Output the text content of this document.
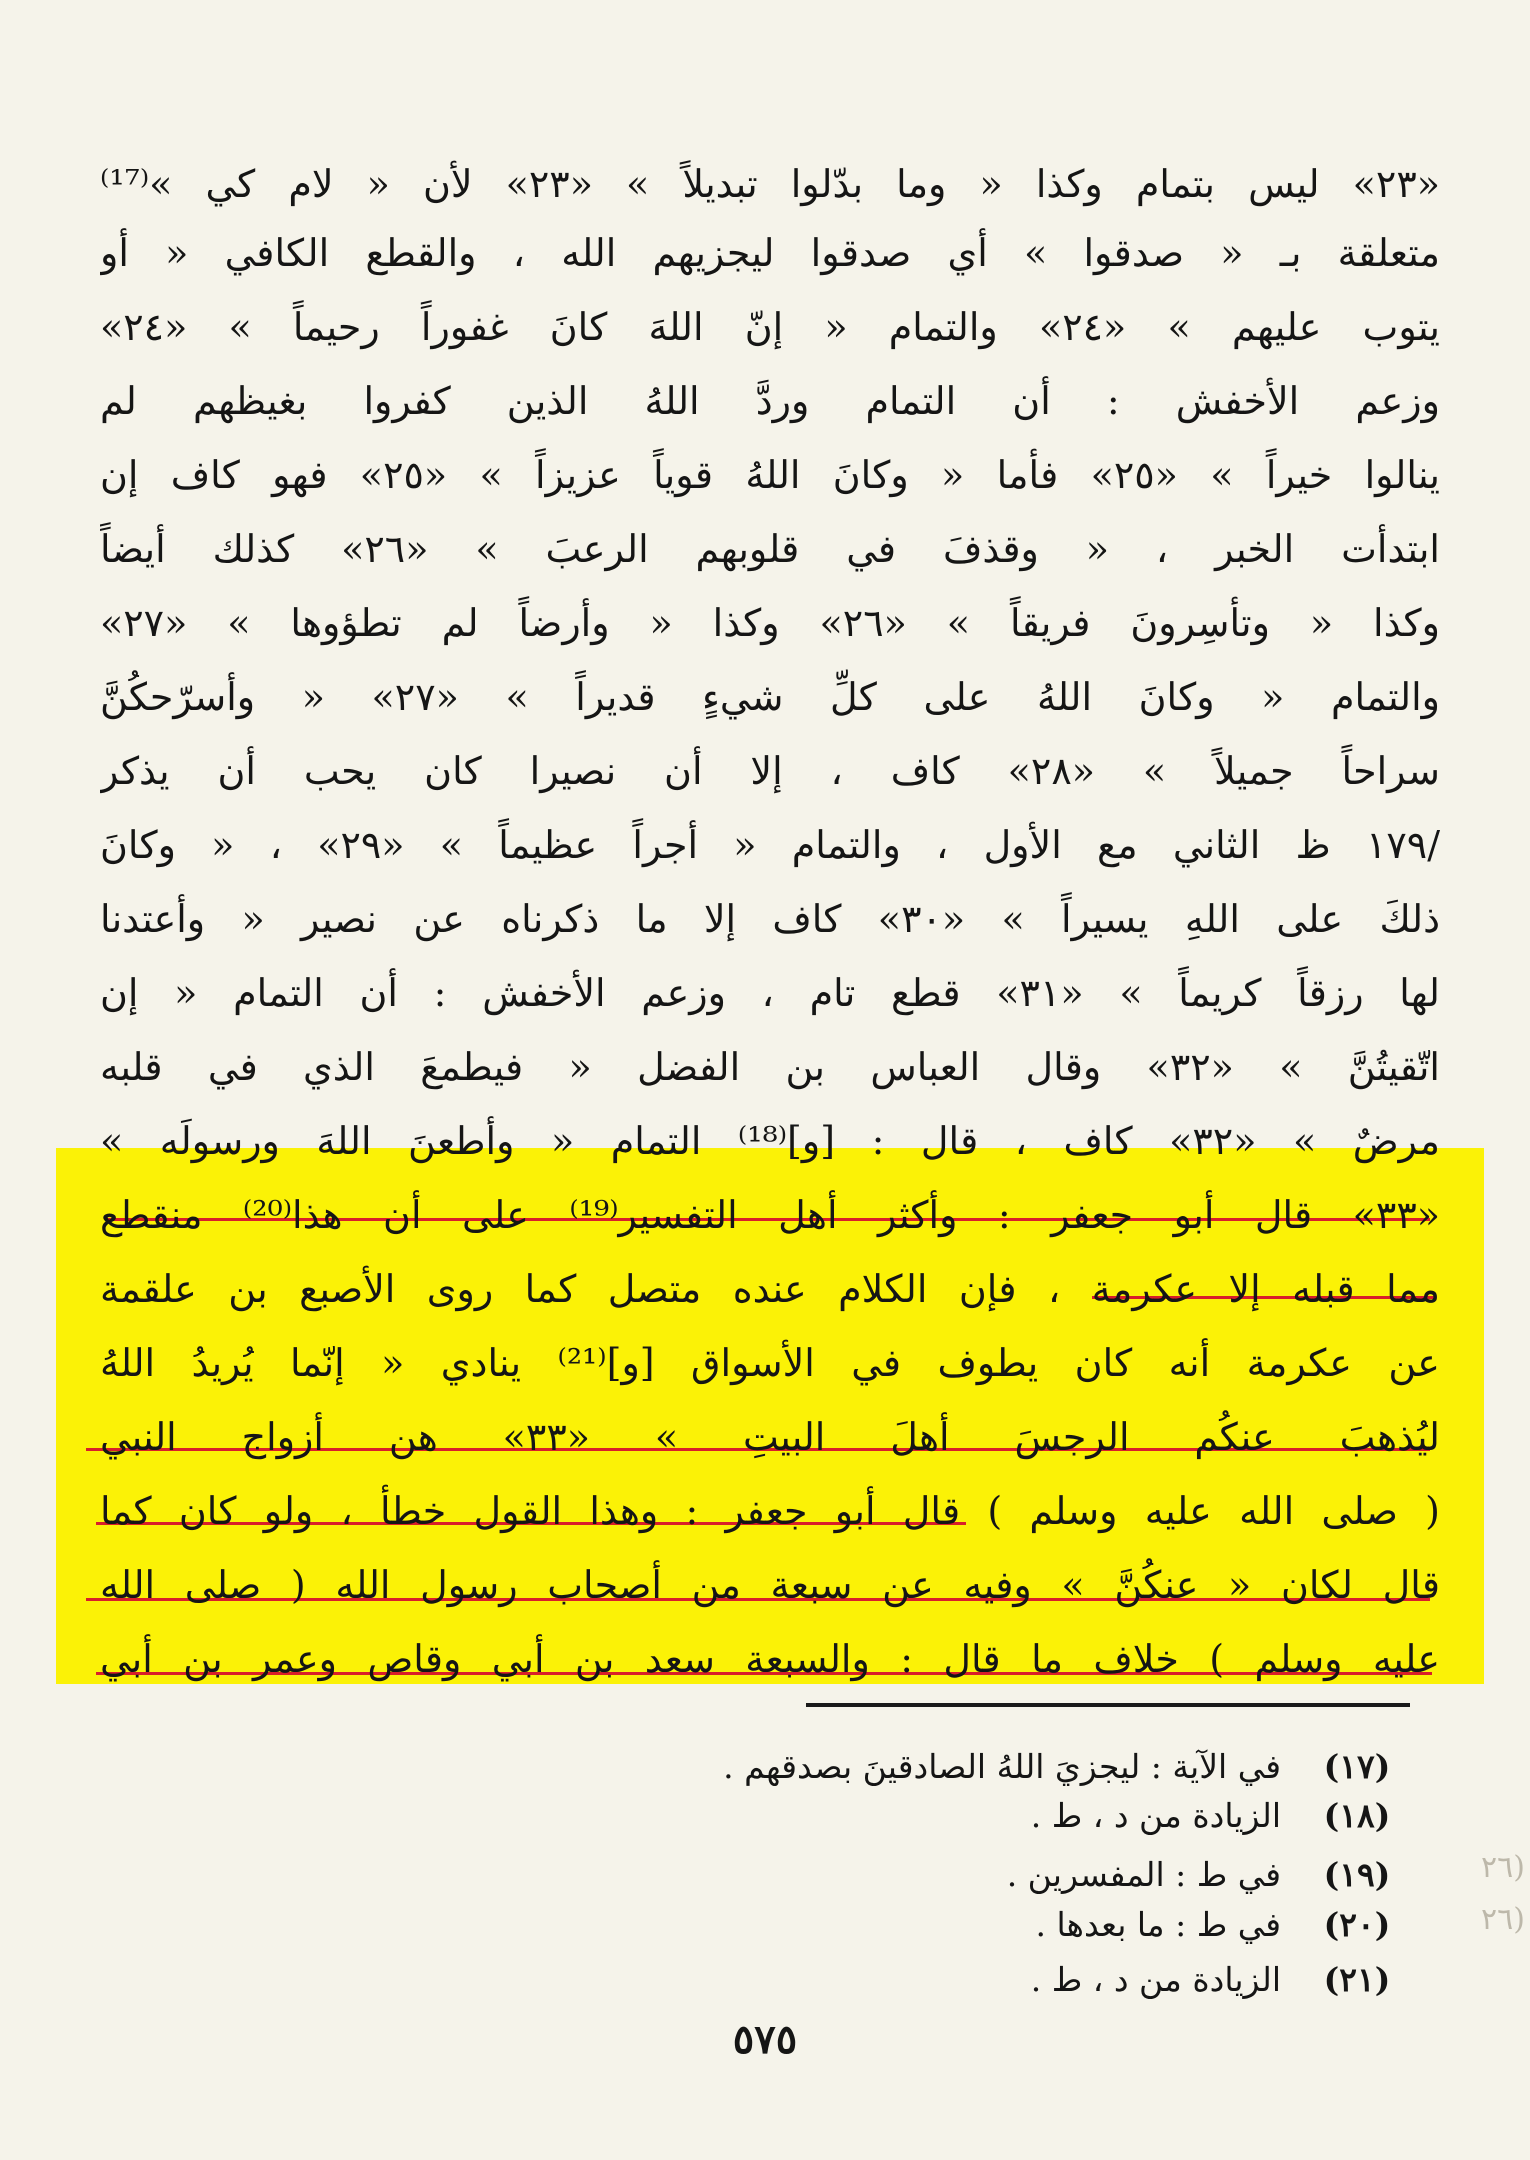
«٢٣» ليس بتمام وكذا « وما بدّلوا تبديلاً » «٢٣» لأن « لام كي »⁽¹⁷⁾
متعلقة بـ « صدقوا » أي صدقوا ليجزيهم الله ، والقطع الكافي « أو
يتوب عليهم » «٢٤» والتمام « إنّ اللهَ كانَ غفوراً رحيماً » «٢٤»
وزعم الأخفش : أن التمام وردَّ اللهُ الذين كفروا بغيظهم لم
ينالوا خيراً » «٢٥» فأما « وكانَ اللهُ قوياً عزيزاً » «٢٥» فهو كاف إن
ابتدأت الخبر ، « وقذفَ في قلوبهم الرعبَ » «٢٦» كذلك أيضاً
وكذا « وتأسِرونَ فريقاً » «٢٦» وكذا « وأرضاً لم تطؤوها » «٢٧»
والتمام « وكانَ اللهُ على كلِّ شيءٍ قديراً » «٢٧» « وأسرّحكُنَّ
سراحاً جميلاً » «٢٨» كاف ، إلا أن نصيرا كان يحب أن يذكر
/١٧٩ ظ الثاني مع الأول ، والتمام « أجراً عظيماً » «٢٩» ، « وكانَ
ذلكَ على اللهِ يسيراً » «٣٠» كاف إلا ما ذكرناه عن نصير « وأعتدنا
لها رزقاً كريماً » «٣١» قطع تام ، وزعم الأخفش : أن التمام « إن
اتّقيتُنَّ » «٣٢» وقال العباس بن الفضل « فيطمعَ الذي في قلبه
مرضٌ » «٣٢» كاف ، قال : [و]⁽¹⁸⁾ التمام « وأطعنَ اللهَ ورسولَه »
«٣٣» قال أبو جعفر : وأكثر أهل التفسير⁽¹⁹⁾ على أن هذا⁽²⁰⁾ منقطع
مما قبله إلا عكرمة ، فإن الكلام عنده متصل كما روى الأصبع بن علقمة
عن عكرمة أنه كان يطوف في الأسواق [و]⁽²¹⁾ ينادي « إنّما يُريدُ اللهُ
ليُذهبَ عنكُم الرجسَ أهلَ البيتِ » «٣٣» هن أزواج النبي
( صلى الله عليه وسلم ) قال أبو جعفر : وهذا القول خطأ ، ولو كان كما
قال لكان « عنكُنَّ » وفيه عن سبعة من أصحاب رسول الله ( صلى الله
عليه وسلم ) خلاف ما قال : والسبعة سعد بن أبي وقاص وعمر بن أبي
(١٧)في الآية : ليجزيَ اللهُ الصادقينَ بصدقهم .
(١٨)الزيادة من د ، ط .
(١٩)في ط : المفسرين .
(٢٠)في ط : ما بعدها .
(٢١)الزيادة من د ، ط .
(٢٦
(٢٦
٥٧٥
